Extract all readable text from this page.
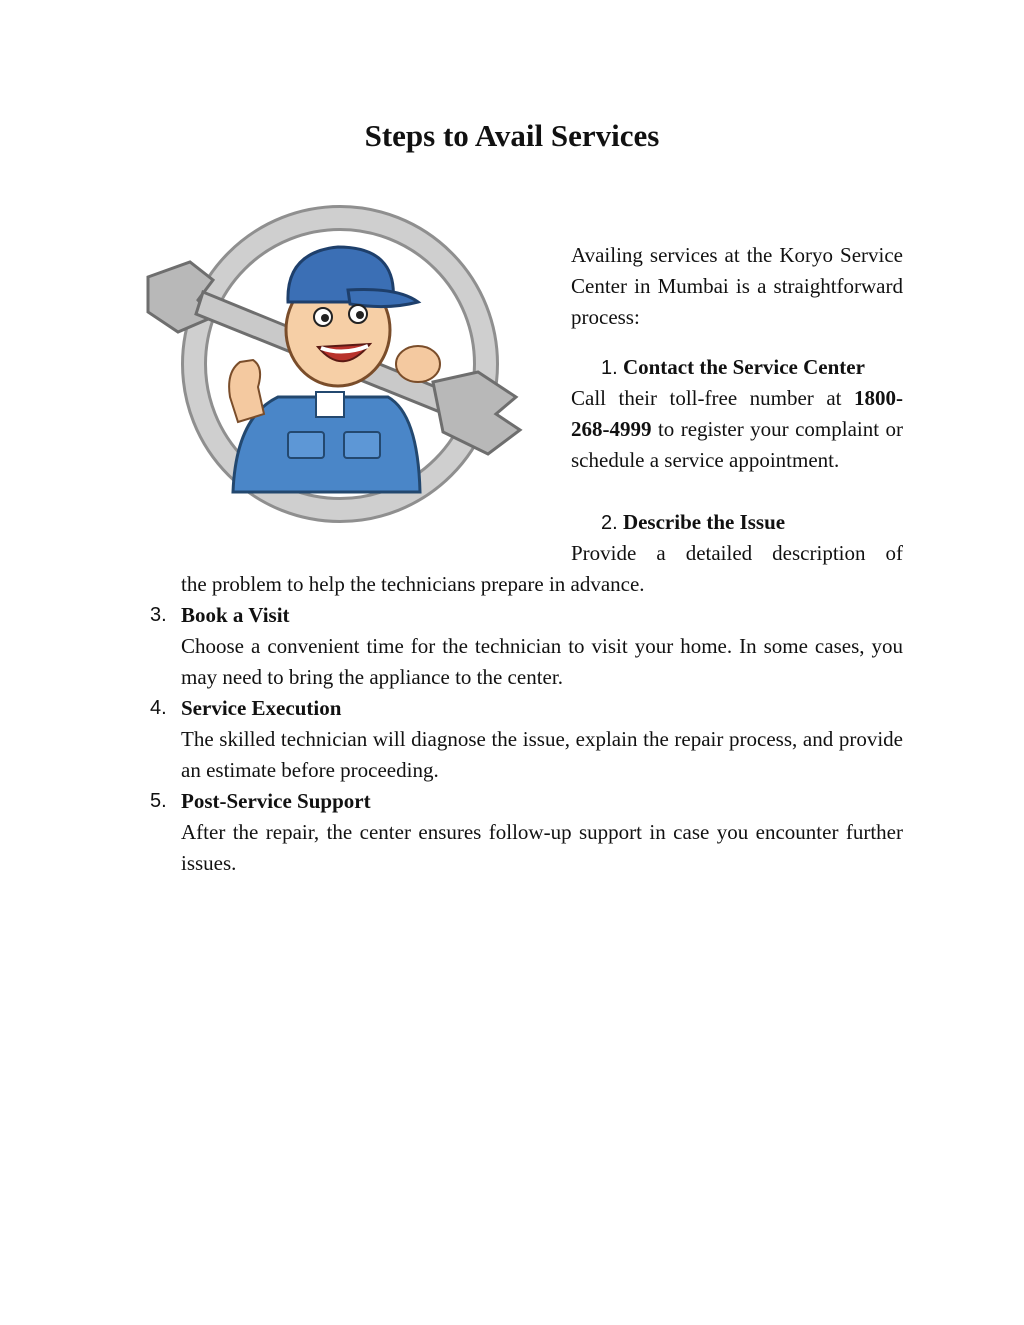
Steps to Avail Services

Availing services at the Koryo Service Center in Mumbai is a straightforward process:

1. Contact the Service Center
Call their toll-free number at 1800-268-4999 to register your complaint or schedule a service appointment.
2. Describe the Issue
Provide a detailed description of
the problem to help the technicians prepare in advance.
3. Book a Visit
Choose a convenient time for the technician to visit your home. In some cases, you may need to bring the appliance to the center.
4. Service Execution
The skilled technician will diagnose the issue, explain the repair process, and provide an estimate before proceeding.
5. Post-Service Support
After the repair, the center ensures follow-up support in case you encounter further issues.
